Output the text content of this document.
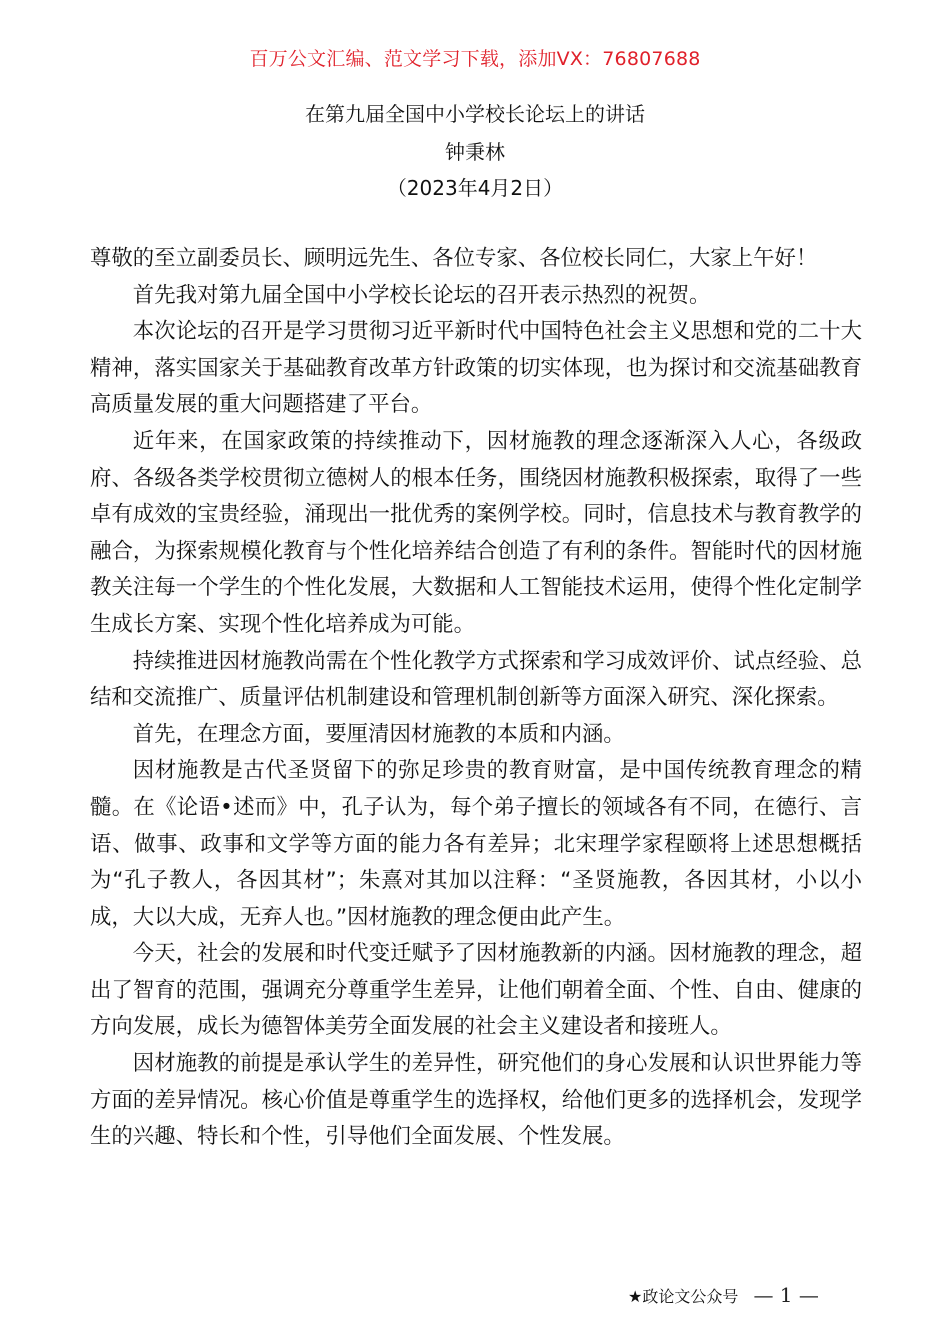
百万公文汇编、范文学习下载，添加VX：76807688
在第九届全国中小学校长论坛上的讲话
钟秉林
（2023年4月2日）

尊敬的至立副委员长、顾明远先生、各位专家、各位校长同仁，大家上午好！

首先我对第九届全国中小学校长论坛的召开表示热烈的祝贺。

本次论坛的召开是学习贯彻习近平新时代中国特色社会主义思想和党的二十大精神，落实国家关于基础教育改革方针政策的切实体现，也为探讨和交流基础教育高质量发展的重大问题搭建了平台。

近年来，在国家政策的持续推动下，因材施教的理念逐渐深入人心，各级政府、各级各类学校贯彻立德树人的根本任务，围绕因材施教积极探索，取得了一些卓有成效的宝贵经验，涌现出一批优秀的案例学校。同时，信息技术与教育教学的融合，为探索规模化教育与个性化培养结合创造了有利的条件。智能时代的因材施教关注每一个学生的个性化发展，大数据和人工智能技术运用，使得个性化定制学生成长方案、实现个性化培养成为可能。

持续推进因材施教尚需在个性化教学方式探索和学习成效评价、试点经验、总结和交流推广、质量评估机制建设和管理机制创新等方面深入研究、深化探索。

首先，在理念方面，要厘清因材施教的本质和内涵。

因材施教是古代圣贤留下的弥足珍贵的教育财富，是中国传统教育理念的精髓。在《论语•述而》中，孔子认为，每个弟子擅长的领域各有不同，在德行、言语、做事、政事和文学等方面的能力各有差异；北宋理学家程颐将上述思想概括为“孔子教人，各因其材”；朱熹对其加以注释：“圣贤施教，各因其材，小以小成，大以大成，无弃人也。”因材施教的理念便由此产生。

今天，社会的发展和时代变迁赋予了因材施教新的内涵。因材施教的理念，超出了智育的范围，强调充分尊重学生差异，让他们朝着全面、个性、自由、健康的方向发展，成长为德智体美劳全面发展的社会主义建设者和接班人。

因材施教的前提是承认学生的差异性，研究他们的身心发展和认识世界能力等方面的差异情况。核心价值是尊重学生的选择权，给他们更多的选择机会，发现学生的兴趣、特长和个性，引导他们全面发展、个性发展。

★政论文公众号 — 1 —
